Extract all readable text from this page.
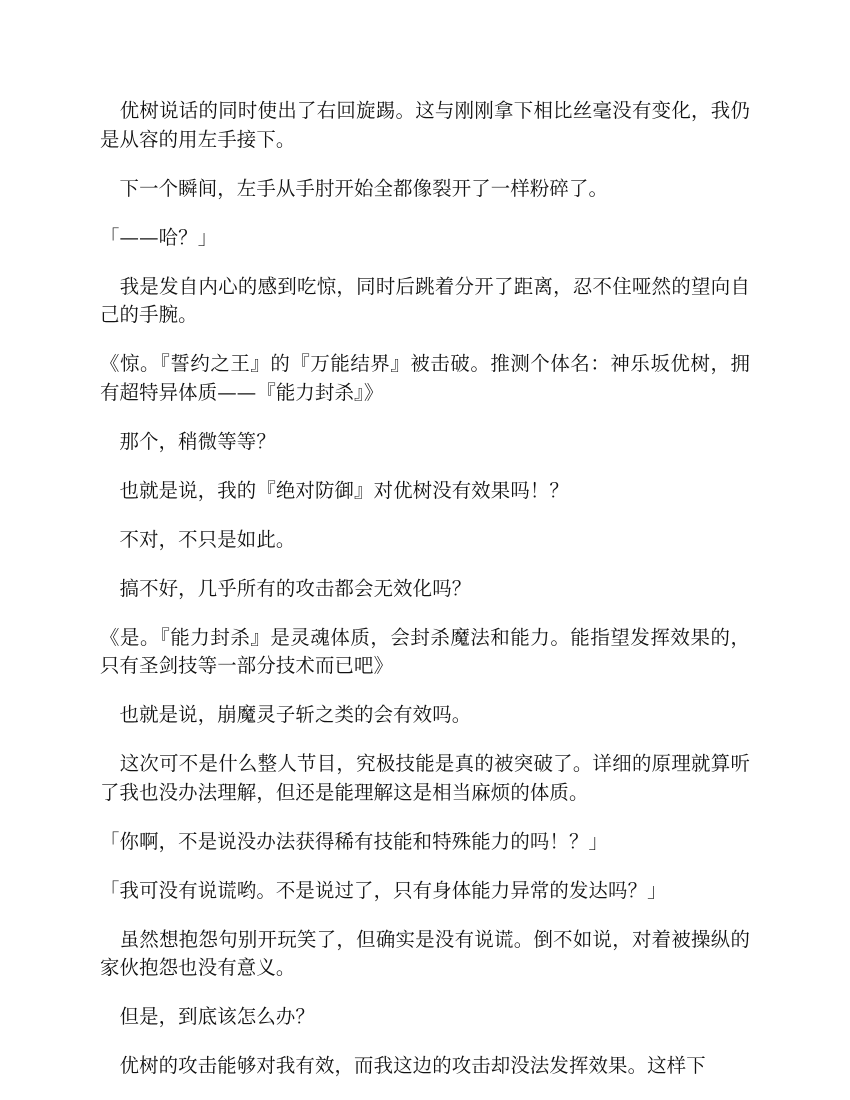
　优树说话的同时使出了右回旋踢。这与刚刚拿下相比丝毫没有变化，我仍是从容的用左手接下。

　下一个瞬间，左手从手肘开始全都像裂开了一样粉碎了。

「——哈？」

　我是发自内心的感到吃惊，同时后跳着分开了距离，忍不住哑然的望向自己的手腕。

《惊。『誓约之王』的『万能结界』被击破。推测个体名：神乐坂优树，拥有超特异体质——『能力封杀』》

　那个，稍微等等？

　也就是说，我的『绝对防御』对优树没有效果吗！？

　不对，不只是如此。

　搞不好，几乎所有的攻击都会无效化吗？

《是。『能力封杀』是灵魂体质，会封杀魔法和能力。能指望发挥效果的，只有圣剑技等一部分技术而已吧》

　也就是说，崩魔灵子斩之类的会有效吗。

　这次可不是什么整人节目，究极技能是真的被突破了。详细的原理就算听了我也没办法理解，但还是能理解这是相当麻烦的体质。

「你啊，不是说没办法获得稀有技能和特殊能力的吗！？」

「我可没有说谎哟。不是说过了，只有身体能力异常的发达吗？」

　虽然想抱怨句别开玩笑了，但确实是没有说谎。倒不如说，对着被操纵的家伙抱怨也没有意义。

　但是，到底该怎么办？

　优树的攻击能够对我有效，而我这边的攻击却没法发挥效果。这样下
